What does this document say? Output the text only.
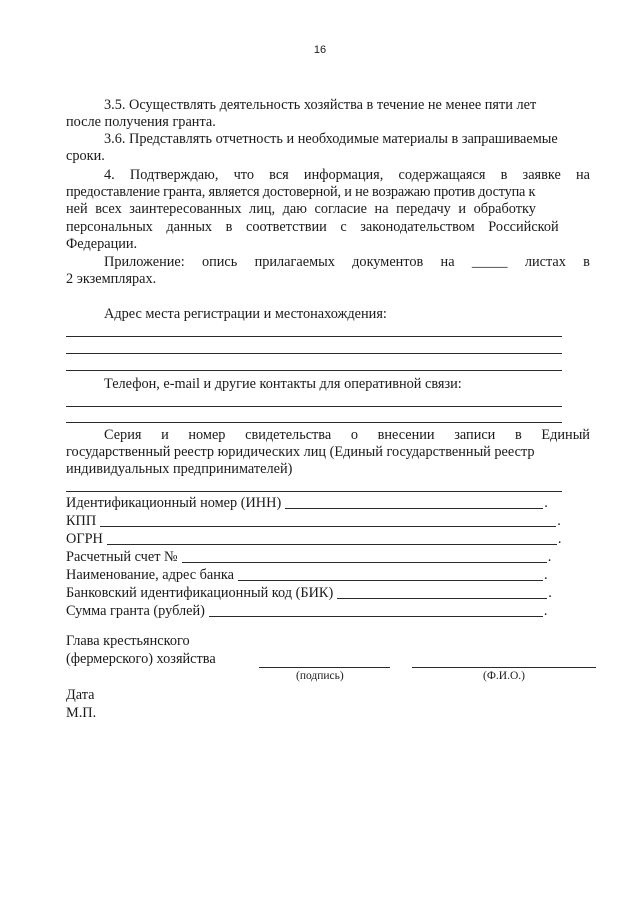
16
3.5. Осуществлять деятельность хозяйства в течение не менее пяти лет
после получения гранта.
3.6. Представлять отчетность и необходимые материалы в запрашиваемые
сроки.
4. Подтверждаю, что вся информация, содержащаяся в заявке на
предоставление гранта, является достоверной, и не возражаю против доступа к
ней всех заинтересованных лиц, даю согласие на передачу и обработку
персональных данных в соответствии с законодательством Российской
Федерации.
Приложение: опись прилагаемых документов на _____ листах в
2 экземплярах.
Адрес места регистрации и местонахождения:
Телефон, e-mail и другие контакты для оперативной связи:
Серия и номер свидетельства о внесении записи в Единый
государственный реестр юридических лиц (Единый государственный реестр
индивидуальных предпринимателей)
Идентификационный номер (ИНН)	.
КПП	.
ОГРН	.
Расчетный счет №	.
Наименование, адрес банка	.
Банковский идентификационный код (БИК)	.
Сумма гранта (рублей)	.
Глава крестьянского
(фермерского) хозяйства
(подпись)	(Ф.И.О.)
Дата
М.П.
